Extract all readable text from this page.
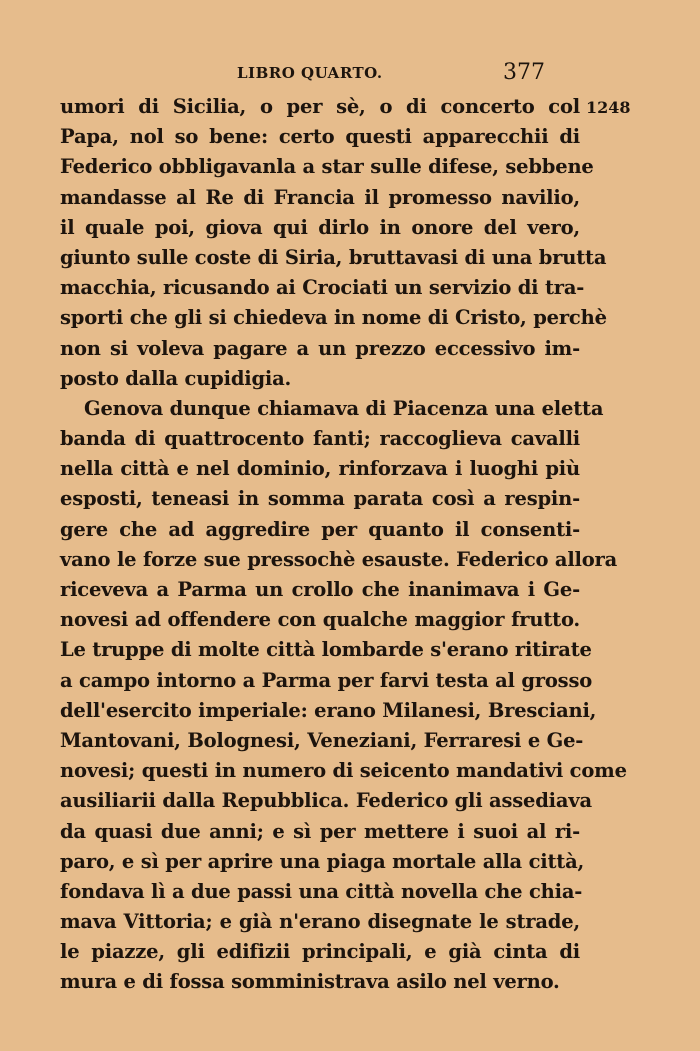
LIBRO QUARTO.	377
1248
umori di Sicilia, o per sè, o di concerto col
Papa, nol so bene: certo questi apparecchii di
Federico obbligavanla a star sulle difese, sebbene
mandasse al Re di Francia il promesso navilio,
il quale poi, giova qui dirlo in onore del vero,
giunto sulle coste di Siria, bruttavasi di una brutta
macchia, ricusando ai Crociati un servizio di tra-
sporti che gli si chiedeva in nome di Cristo, perchè
non si voleva pagare a un prezzo eccessivo im-
posto dalla cupidigia.
Genova dunque chiamava di Piacenza una eletta
banda di quattrocento fanti; raccoglieva cavalli
nella città e nel dominio, rinforzava i luoghi più
esposti, teneasi in somma parata così a respin-
gere che ad aggredire per quanto il consenti-
vano le forze sue pressochè esauste. Federico allora
riceveva a Parma un crollo che inanimava i Ge-
novesi ad offendere con qualche maggior frutto.
Le truppe di molte città lombarde s'erano ritirate
a campo intorno a Parma per farvi testa al grosso
dell'esercito imperiale: erano Milanesi, Bresciani,
Mantovani, Bolognesi, Veneziani, Ferraresi e Ge-
novesi; questi in numero di seicento mandativi come
ausiliarii dalla Repubblica. Federico gli assediava
da quasi due anni; e sì per mettere i suoi al ri-
paro, e sì per aprire una piaga mortale alla città,
fondava lì a due passi una città novella che chia-
mava Vittoria; e già n'erano disegnate le strade,
le piazze, gli edifizii principali, e già cinta di
mura e di fossa somministrava asilo nel verno.
